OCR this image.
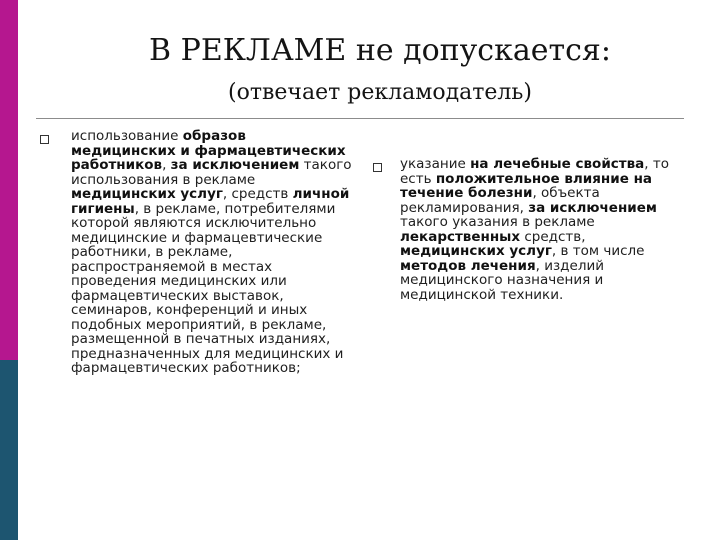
В РЕКЛАМЕ не допускается:
(отвечает рекламодатель)
использование образов медицинских и фармацевтических работников, за исключением такого использования в рекламе медицинских услуг, средств личной гигиены, в рекламе, потребителями которой являются исключительно медицинские и фармацевтические работники, в рекламе, распространяемой в местах проведения медицинских или фармацевтических выставок, семинаров, конференций и иных подобных мероприятий, в рекламе, размещенной в печатных изданиях, предназначенных для медицинских и фармацевтических работников;
указание на лечебные свойства, то есть положительное влияние на течение болезни, объекта рекламирования, за исключением такого указания в рекламе лекарственных средств, медицинских услуг, в том числе методов лечения, изделий медицинского назначения и медицинской техники.
